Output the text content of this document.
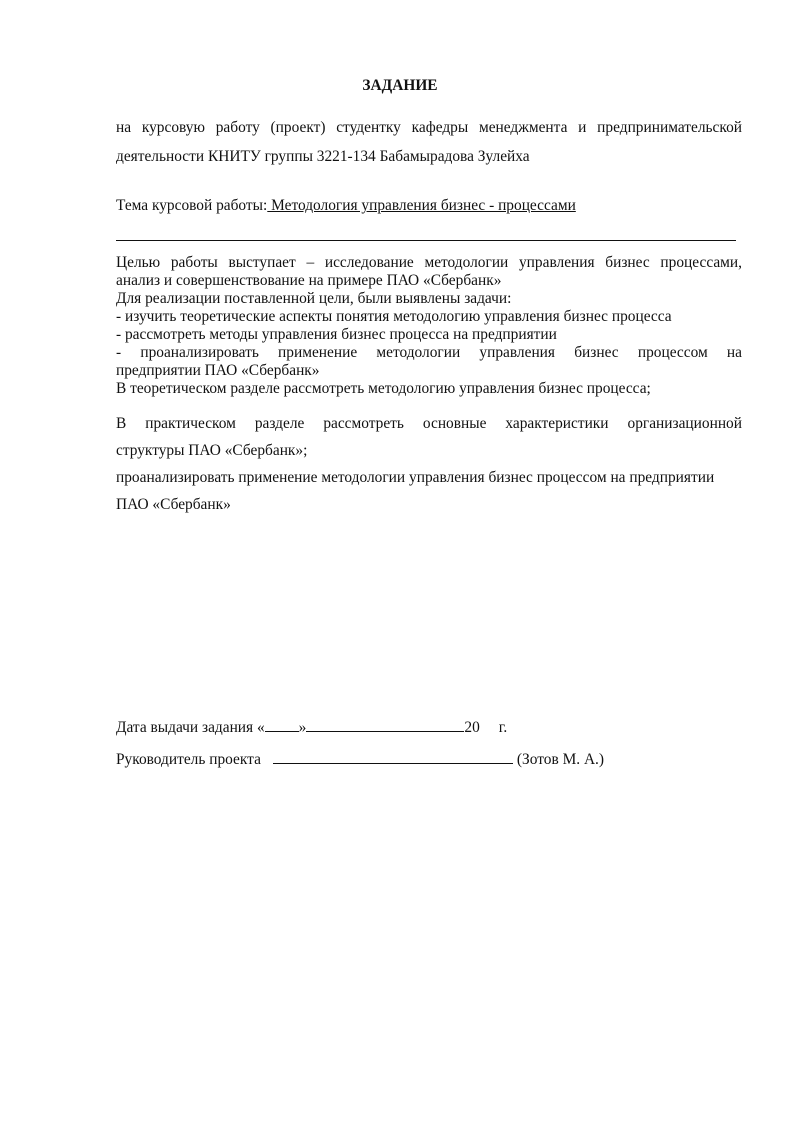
ЗАДАНИЕ
на курсовую работу (проект) студентку кафедры менеджмента и предпринимательской
деятельности КНИТУ группы 3221-134 Бабамырадова Зулейха
Тема курсовой работы: Методология управления бизнес - процессами
Целью работы выступает – исследование методологии управления бизнес процессами,
анализ и совершенствование на примере ПАО «Сбербанк»
Для реализации поставленной цели, были выявлены задачи:
- изучить теоретические аспекты понятия методологию управления бизнес процесса
- рассмотреть методы управления бизнес процесса на предприятии
- проанализировать применение методологии управления бизнес процессом на
предприятии ПАО «Сбербанк»
В теоретическом разделе рассмотреть методологию управления бизнес процесса;
В практическом разделе рассмотреть основные характеристики организационной
структуры ПАО «Сбербанк»;
проанализировать применение методологии управления бизнес процессом на предприятии
ПАО «Сбербанк»
Дата выдачи задания « »	20 г.
Руководитель проекта	(Зотов М. А.)
